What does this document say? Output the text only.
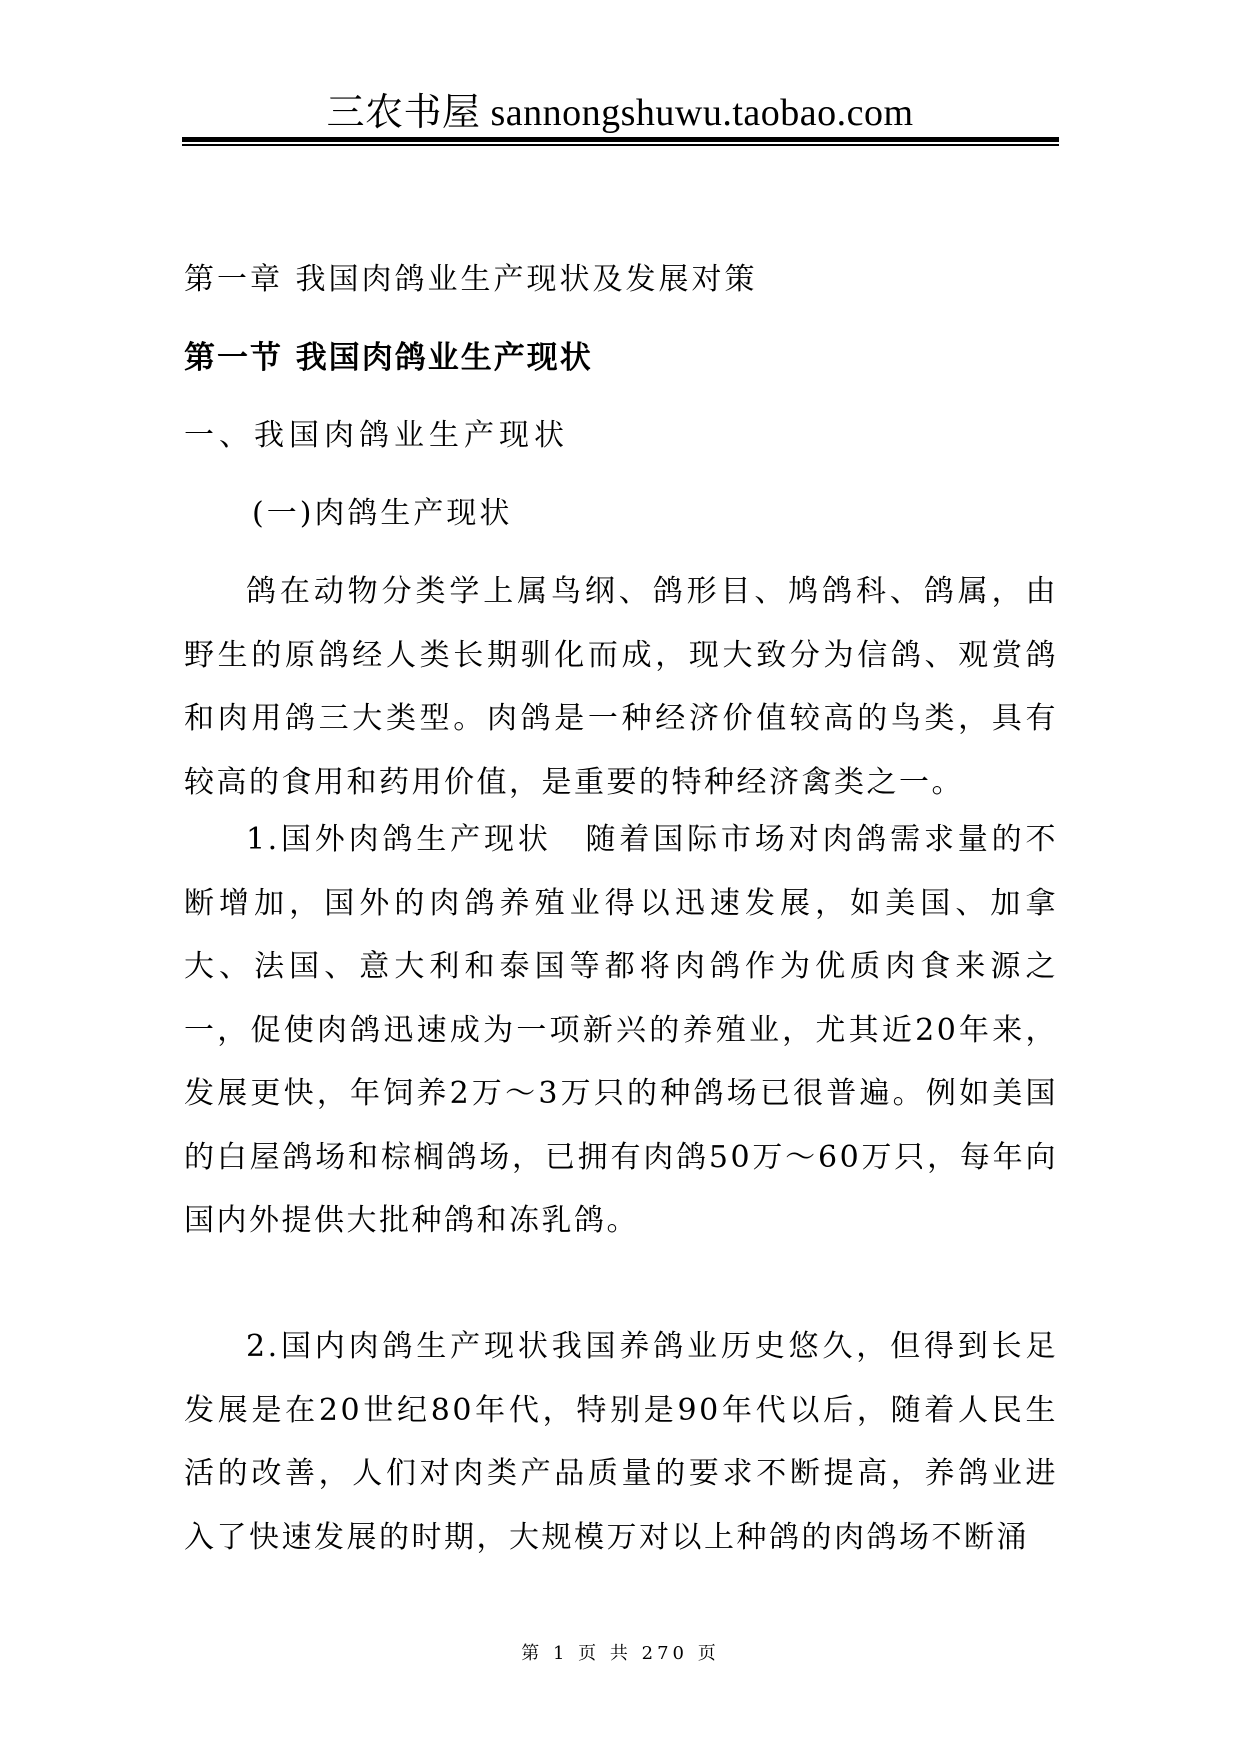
三农书屋 sannongshuwu.taobao.com
第一章 我国肉鸽业生产现状及发展对策
第一节 我国肉鸽业生产现状
一、我国肉鸽业生产现状
(一)肉鸽生产现状

鸽在动物分类学上属鸟纲、鸽形目、鸠鸽科、鸽属，由野生的原鸽经人类长期驯化而成，现大致分为信鸽、观赏鸽和肉用鸽三大类型。肉鸽是一种经济价值较高的鸟类，具有较高的食用和药用价值，是重要的特种经济禽类之一。

1.国外肉鸽生产现状　随着国际市场对肉鸽需求量的不断增加，国外的肉鸽养殖业得以迅速发展，如美国、加拿大、法国、意大利和泰国等都将肉鸽作为优质肉食来源之一，促使肉鸽迅速成为一项新兴的养殖业，尤其近20年来，发展更快，年饲养2万～3万只的种鸽场已很普遍。例如美国的白屋鸽场和棕榈鸽场，已拥有肉鸽50万～60万只，每年向国内外提供大批种鸽和冻乳鸽。

2.国内肉鸽生产现状我国养鸽业历史悠久，但得到长足发展是在20世纪80年代，特别是90年代以后，随着人民生活的改善，人们对肉类产品质量的要求不断提高，养鸽业进入了快速发展的时期，大规模万对以上种鸽的肉鸽场不断涌

第 1 页 共 270 页
